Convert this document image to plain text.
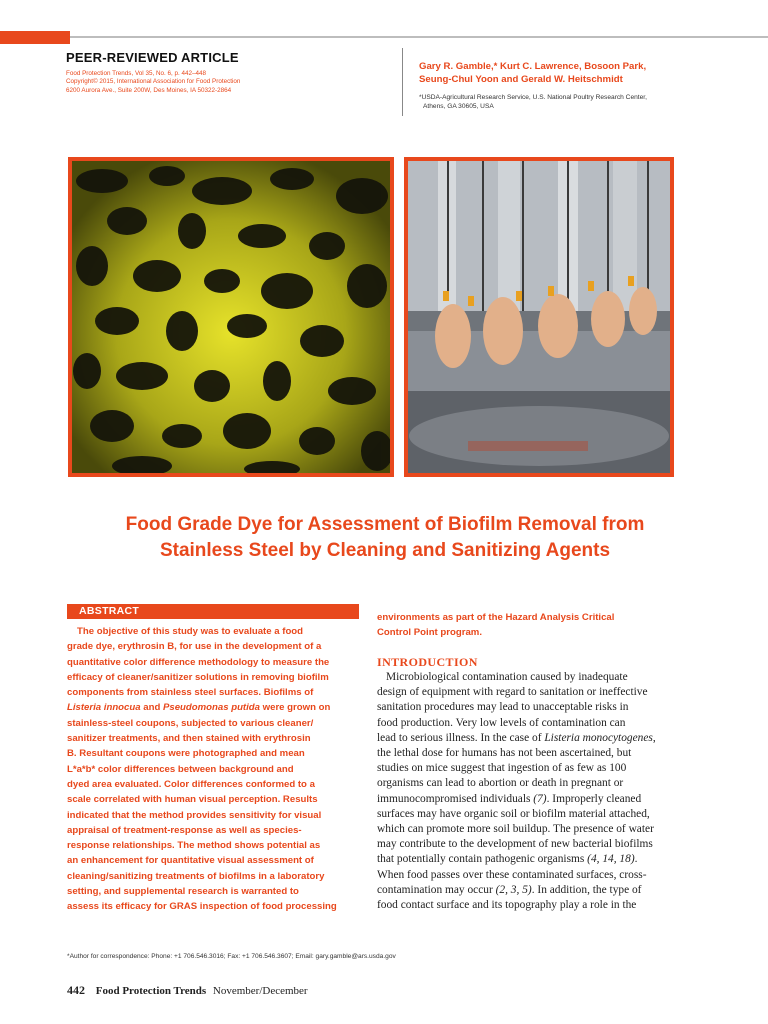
PEER-REVIEWED ARTICLE
Food Protection Trends, Vol 35, No. 6, p. 442–448
Copyright© 2015, International Association for Food Protection
6200 Aurora Ave., Suite 200W, Des Moines, IA 50322-2864
Gary R. Gamble,* Kurt C. Lawrence, Bosoon Park,
Seung-Chul Yoon and Gerald W. Heitschmidt
*USDA-Agricultural Research Service, U.S. National Poultry Research Center,
Athens, GA 30605, USA
Food Grade Dye for Assessment of Biofilm Removal from
Stainless Steel by Cleaning and Sanitizing Agents
ABSTRACT
The objective of this study was to evaluate a food
grade dye, erythrosin B, for use in the development of a
quantitative color difference methodology to measure the
efficacy of cleaner/sanitizer solutions in removing biofilm
components from stainless steel surfaces. Biofilms of
Listeria innocua and Pseudomonas putida were grown on
stainless-steel coupons, subjected to various cleaner/
sanitizer treatments, and then stained with erythrosin
B. Resultant coupons were photographed and mean
L*a*b* color differences between background and
dyed area evaluated. Color differences conformed to a
scale correlated with human visual perception. Results
indicated that the method provides sensitivity for visual
appraisal of treatment-response as well as species-
response relationships. The method shows potential as
an enhancement for quantitative visual assessment of
cleaning/sanitizing treatments of biofilms in a laboratory
setting, and supplemental research is warranted to
assess its efficacy for GRAS inspection of food processing
environments as part of the Hazard Analysis Critical
Control Point program.
INTRODUCTION
Microbiological contamination caused by inadequate
design of equipment with regard to sanitation or ineffective
sanitation procedures may lead to unacceptable risks in
food production. Very low levels of contamination can
lead to serious illness. In the case of Listeria monocytogenes,
the lethal dose for humans has not been ascertained, but
studies on mice suggest that ingestion of as few as 100
organisms can lead to abortion or death in pregnant or
immunocompromised individuals (7). Improperly cleaned
surfaces may have organic soil or biofilm material attached,
which can promote more soil buildup. The presence of water
may contribute to the development of new bacterial biofilms
that potentially contain pathogenic organisms (4, 14, 18).
When food passes over these contaminated surfaces, cross-
contamination may occur (2, 3, 5). In addition, the type of
food contact surface and its topography play a role in the
*Author for correspondence: Phone: +1 706.546.3016; Fax: +1 706.546.3607; Email: gary.gamble@ars.usda.gov
442 Food Protection Trends November/December
